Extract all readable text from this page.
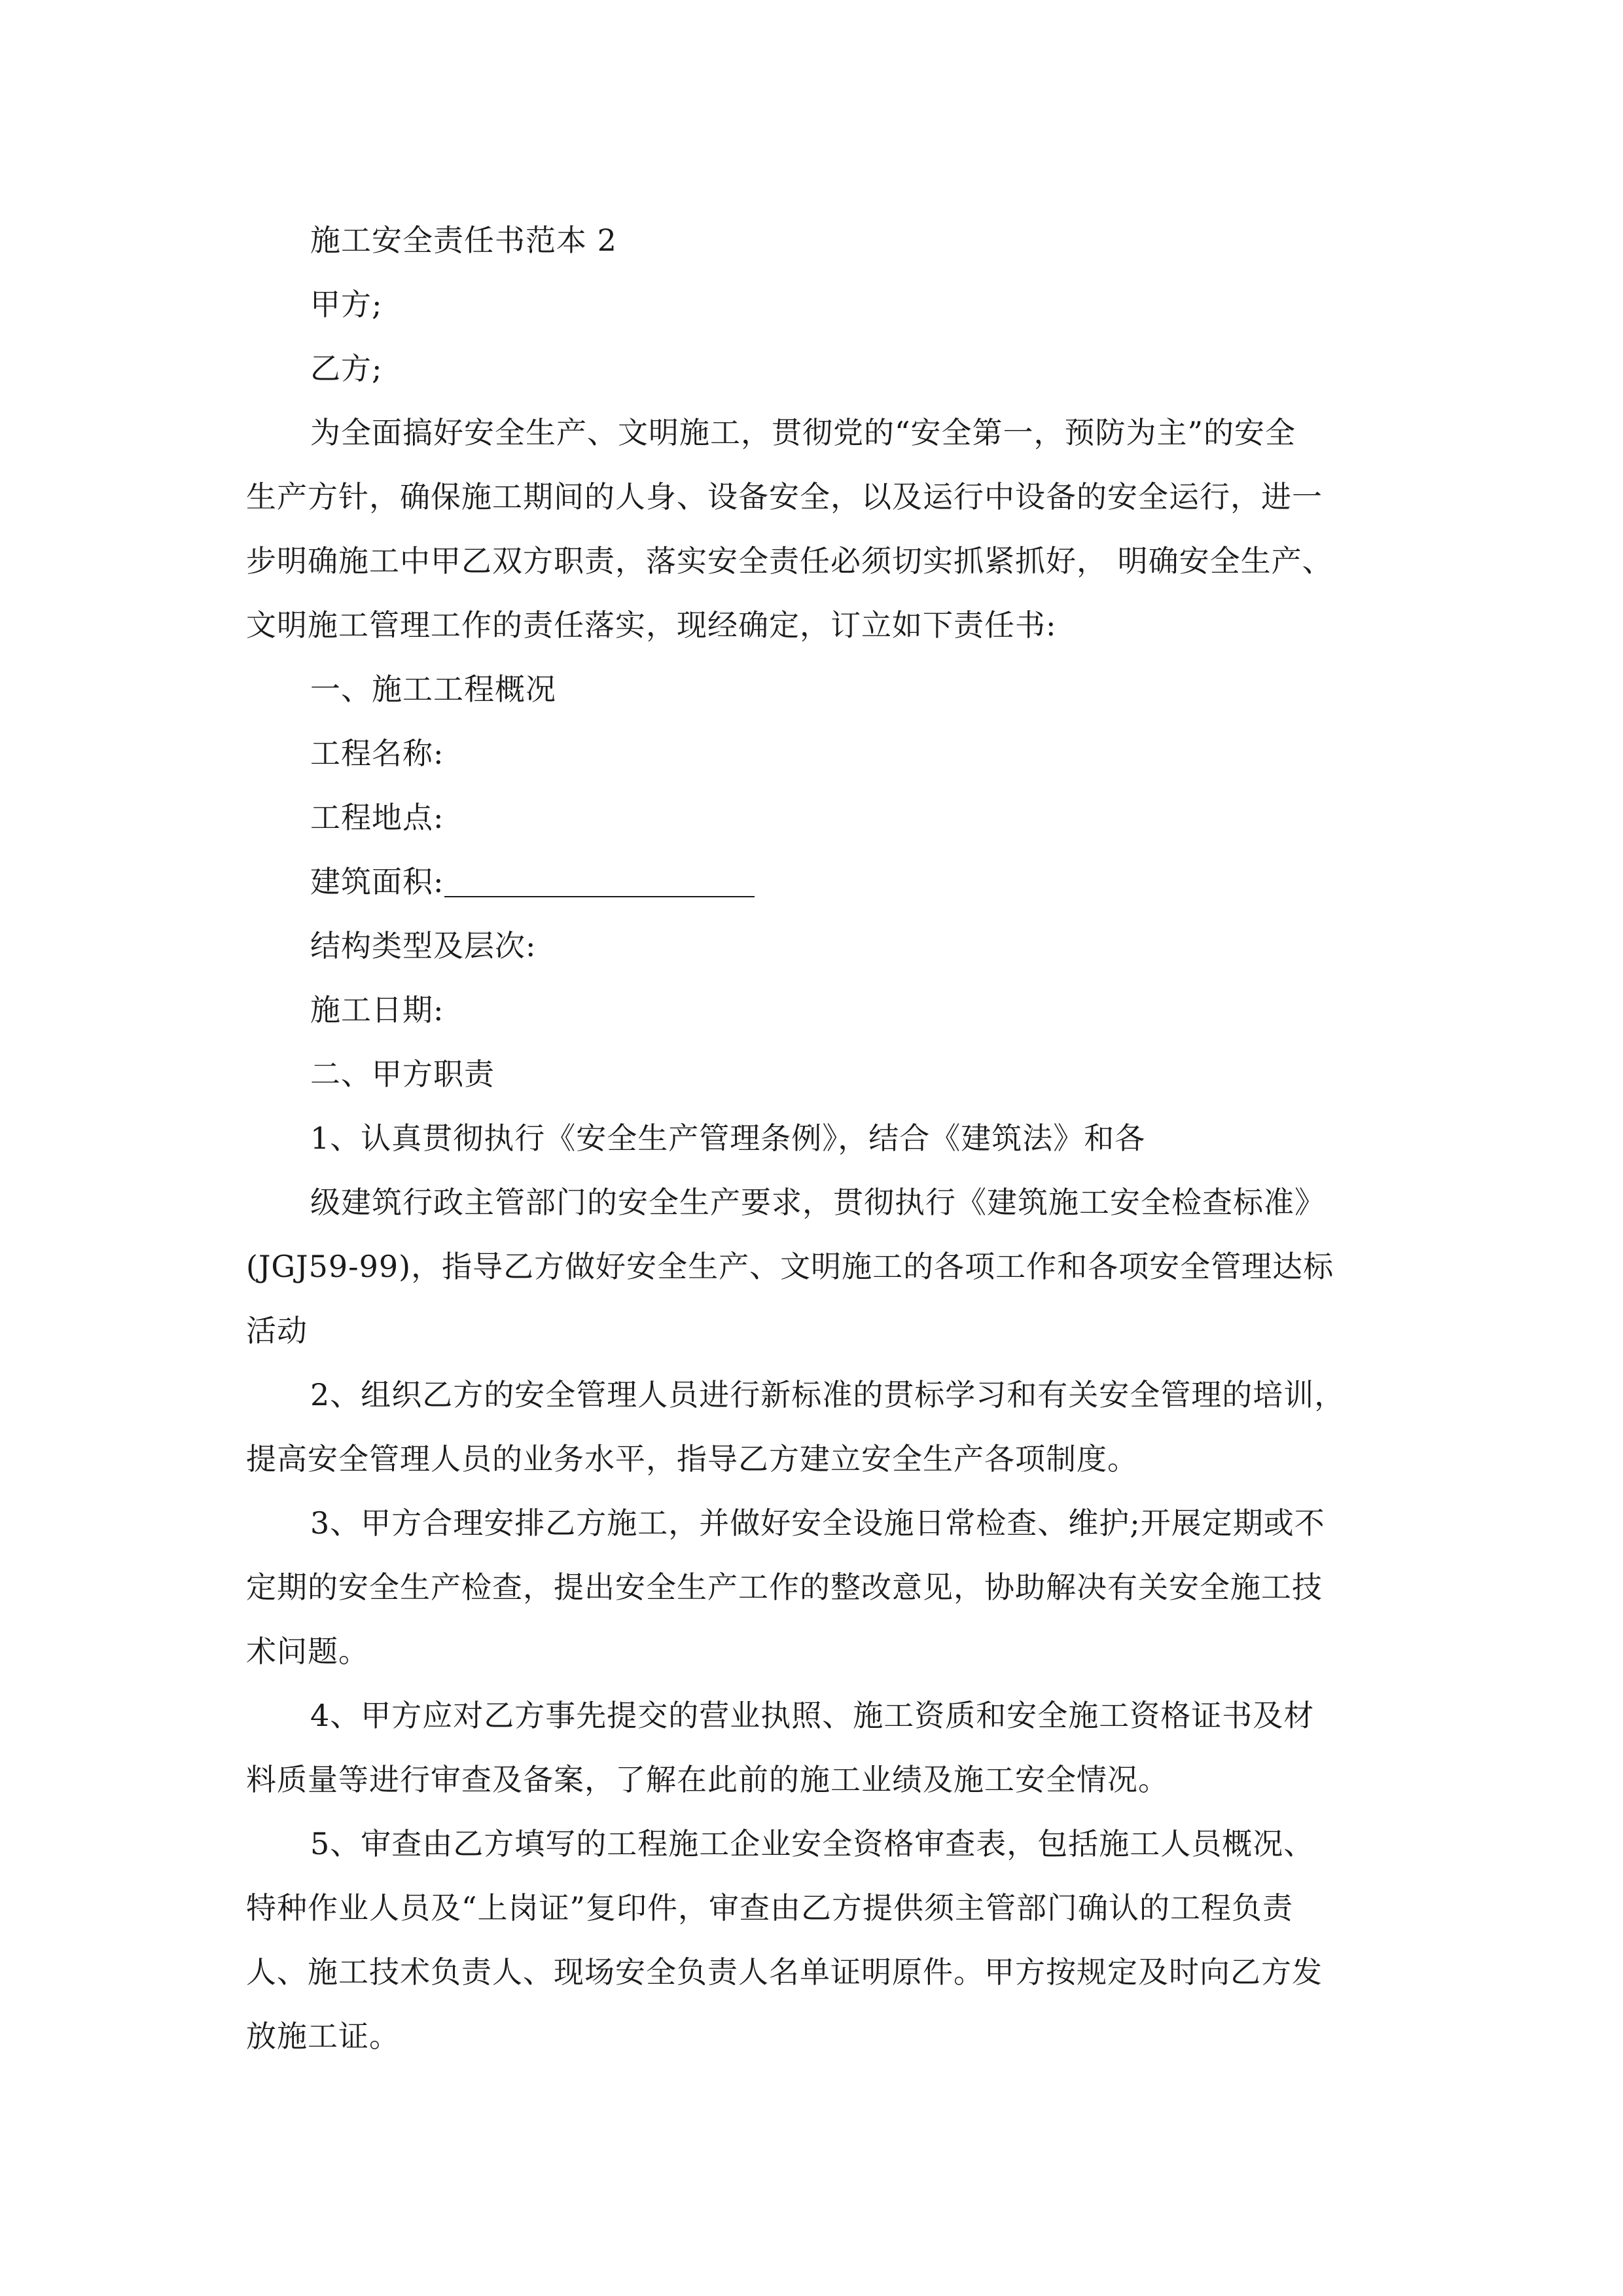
施工安全责任书范本 2
甲方;
乙方;
为全面搞好安全生产、文明施工，贯彻党的“安全第一，预防为主”的安全
生产方针，确保施工期间的人身、设备安全，以及运行中设备的安全运行，进一
步明确施工中甲乙双方职责，落实安全责任必须切实抓紧抓好， 明确安全生产、
文明施工管理工作的责任落实，现经确定，订立如下责任书:
一、施工工程概况
工程名称:
工程地点:
建筑面积:
结构类型及层次:
施工日期:
二、甲方职责
1、认真贯彻执行《安全生产管理条例》，结合《建筑法》和各
级建筑行政主管部门的安全生产要求，贯彻执行《建筑施工安全检查标准》
(JGJ59-99)，指导乙方做好安全生产、文明施工的各项工作和各项安全管理达标
活动
2、组织乙方的安全管理人员进行新标准的贯标学习和有关安全管理的培训，
提高安全管理人员的业务水平，指导乙方建立安全生产各项制度。
3、甲方合理安排乙方施工，并做好安全设施日常检查、维护;开展定期或不
定期的安全生产检查，提出安全生产工作的整改意见，协助解决有关安全施工技
术问题。
4、甲方应对乙方事先提交的营业执照、施工资质和安全施工资格证书及材
料质量等进行审查及备案，了解在此前的施工业绩及施工安全情况。
5、审查由乙方填写的工程施工企业安全资格审查表，包括施工人员概况、
特种作业人员及“上岗证”复印件，审查由乙方提供须主管部门确认的工程负责
人、施工技术负责人、现场安全负责人名单证明原件。甲方按规定及时向乙方发
放施工证。
